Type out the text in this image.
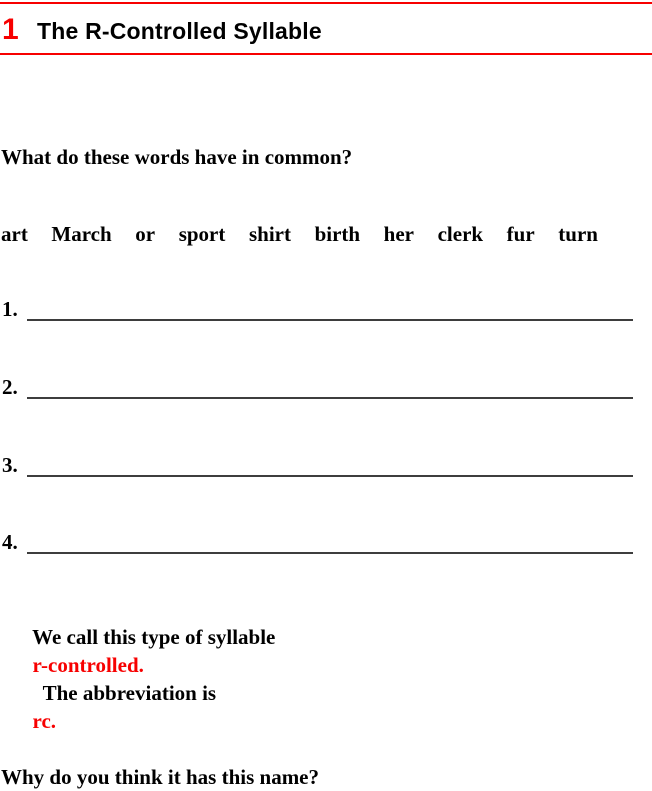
1 The R-Controlled Syllable
What do these words have in common?
art March or sport shirt birth her clerk fur turn
1.
2.
3.
4.

We call this type of syllable
r-controlled.
The abbreviation is
rc.

Why do you think it has this name?
